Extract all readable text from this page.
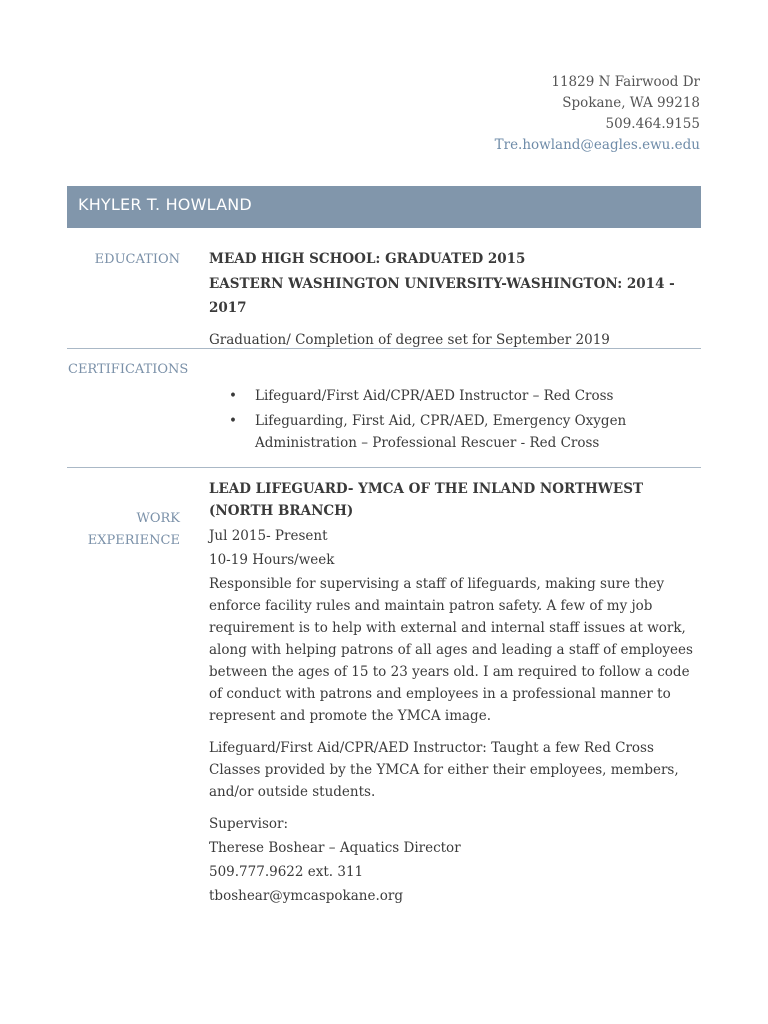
11829 N Fairwood Dr
Spokane, WA 99218
509.464.9155
Tre.howland@eagles.ewu.edu
KHYLER T. HOWLAND
EDUCATION MEAD HIGH SCHOOL: GRADUATED 2015

EASTERN WASHINGTON UNIVERSITY-WASHINGTON: 2014 - 2017

Graduation/ Completion of degree set for September 2019

CERTIFICATIONS
• Lifeguard/First Aid/CPR/AED Instructor – Red Cross
• Lifeguarding, First Aid, CPR/AED, Emergency Oxygen Administration – Professional Rescuer - Red Cross
WORK
EXPERIENCE

LEAD LIFEGUARD- YMCA OF THE INLAND NORTHWEST (NORTH BRANCH)

Jul 2015- Present

10-19 Hours/week

Responsible for supervising a staff of lifeguards, making sure they enforce facility rules and maintain patron safety. A few of my job requirement is to help with external and internal staff issues at work, along with helping patrons of all ages and leading a staff of employees between the ages of 15 to 23 years old. I am required to follow a code of conduct with patrons and employees in a professional manner to represent and promote the YMCA image.

Lifeguard/First Aid/CPR/AED Instructor: Taught a few Red Cross Classes provided by the YMCA for either their employees, members, and/or outside students.

Supervisor:

Therese Boshear – Aquatics Director

509.777.9622 ext. 311

tboshear@ymcaspokane.org
